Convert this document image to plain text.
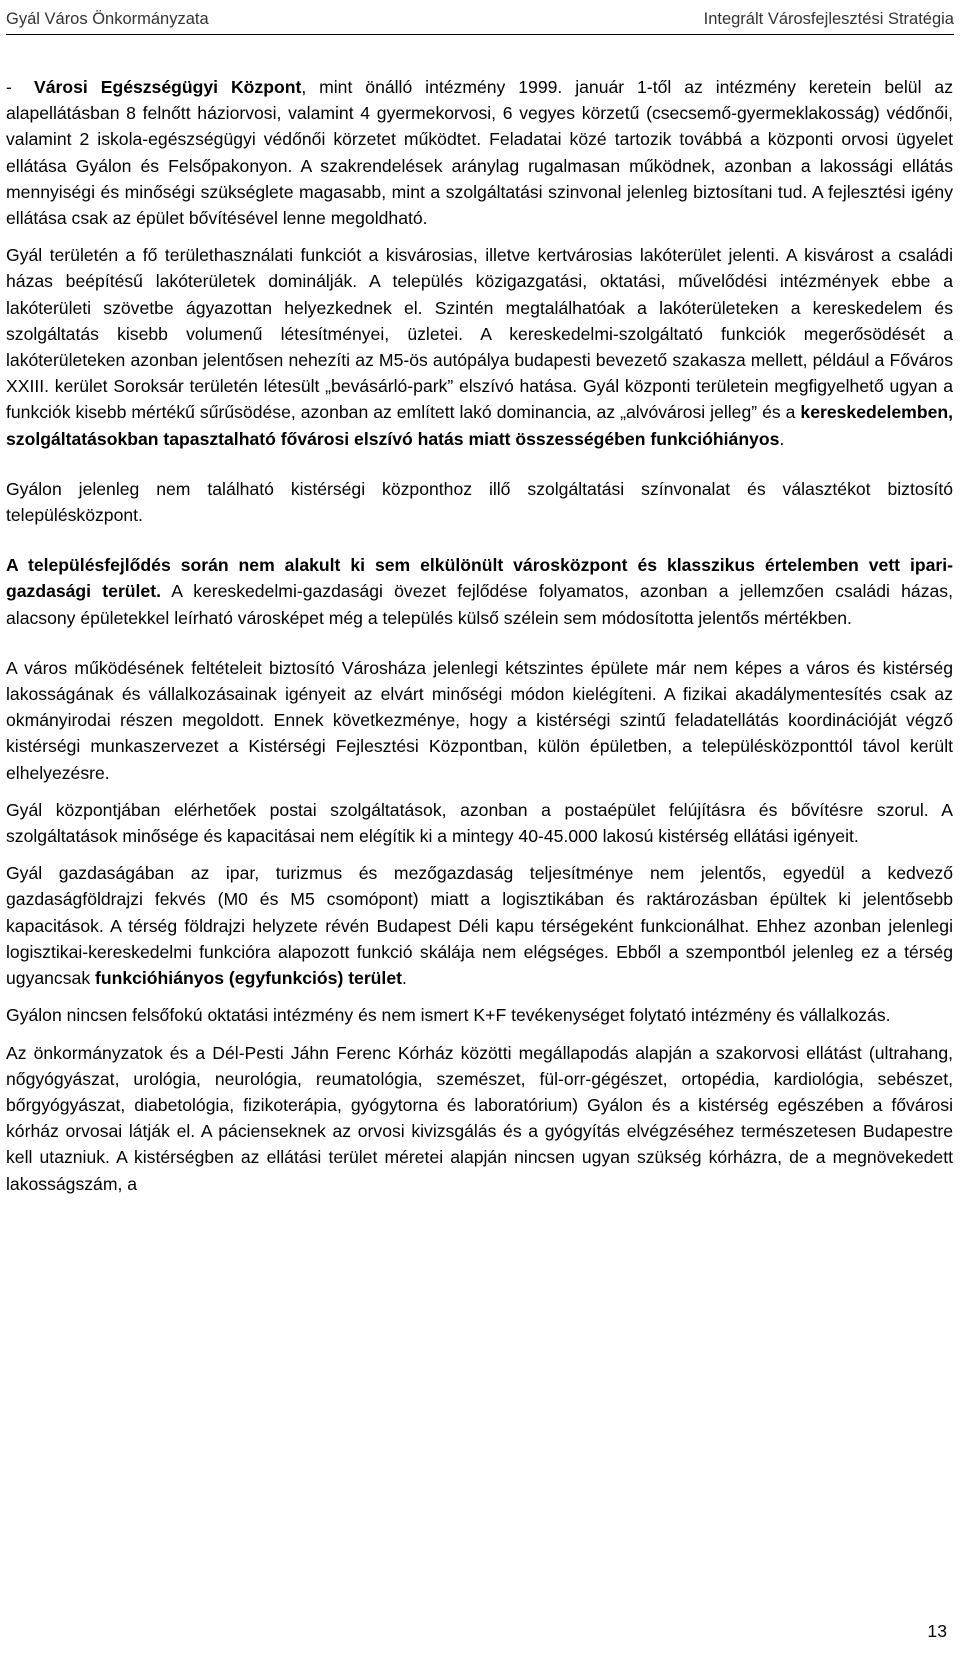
Gyál Város Önkormányzata	Integrált Városfejlesztési Stratégia

- Városi Egészségügyi Központ, mint önálló intézmény 1999. január 1-től az intézmény keretein belül az alapellátásban 8 felnőtt háziorvosi, valamint 4 gyermekorvosi, 6 vegyes körzetű (csecsemő-gyermeklakosság) védőnői, valamint 2 iskola-egészségügyi védőnői körzetet működtet. Feladatai közé tartozik továbbá a központi orvosi ügyelet ellátása Gyálon és Felsőpakonyon. A szakrendelések aránylag rugalmasan működnek, azonban a lakossági ellátás mennyiségi és minőségi szükséglete magasabb, mint a szolgáltatási szinvonal jelenleg biztosítani tud. A fejlesztési igény ellátása csak az épület bővítésével lenne megoldható.

Gyál területén a fő területhasználati funkciót a kisvárosias, illetve kertvárosias lakóterület jelenti. A kisvárost a családi házas beépítésű lakóterületek dominálják. A település közigazgatási, oktatási, művelődési intézmények ebbe a lakóterületi szövetbe ágyazottan helyezkednek el. Szintén megtalálhatóak a lakóterületeken a kereskedelem és szolgáltatás kisebb volumenű létesítményei, üzletei. A kereskedelmi-szolgáltató funkciók megerősödését a lakóterületeken azonban jelentősen nehezíti az M5-ös autópálya budapesti bevezető szakasza mellett, például a Főváros XXIII. kerület Soroksár területén létesült „bevásárló-park” elszívó hatása. Gyál központi területein megfigyelhető ugyan a funkciók kisebb mértékű sűrűsödése, azonban az említett lakó dominancia, az „alvóvárosi jelleg” és a kereskedelemben, szolgáltatásokban tapasztalható fővárosi elszívó hatás miatt összességében funkcióhiányos.

Gyálon jelenleg nem található kistérségi központhoz illő szolgáltatási színvonalat és választékot biztosító településközpont.

A településfejlődés során nem alakult ki sem elkülönült városközpont és klasszikus értelemben vett ipari-gazdasági terület. A kereskedelmi-gazdasági övezet fejlődése folyamatos, azonban a jellemzően családi házas, alacsony épületekkel leírható városképet még a település külső szélein sem módosította jelentős mértékben.

A város működésének feltételeit biztosító Városháza jelenlegi kétszintes épülete már nem képes a város és kistérség lakosságának és vállalkozásainak igényeit az elvárt minőségi módon kielégíteni. A fizikai akadálymentesítés csak az okmányirodai részen megoldott. Ennek következménye, hogy a kistérségi szintű feladatellátás koordinációját végző kistérségi munkaszervezet a Kistérségi Fejlesztési Központban, külön épületben, a településközponttól távol került elhelyezésre.

Gyál központjában elérhetőek postai szolgáltatások, azonban a postaépület felújításra és bővítésre szorul. A szolgáltatások minősége és kapacitásai nem elégítik ki a mintegy 40-45.000 lakosú kistérség ellátási igényeit.

Gyál gazdaságában az ipar, turizmus és mezőgazdaság teljesítménye nem jelentős, egyedül a kedvező gazdaságföldrajzi fekvés (M0 és M5 csomópont) miatt a logisztikában és raktározásban épültek ki jelentősebb kapacitások. A térség földrajzi helyzete révén Budapest Déli kapu térségeként funkcionálhat. Ehhez azonban jelenlegi logisztikai-kereskedelmi funkcióra alapozott funkció skálája nem elégséges. Ebből a szempontból jelenleg ez a térség ugyancsak funkcióhiányos (egyfunkciós) terület.

Gyálon nincsen felsőfokú oktatási intézmény és nem ismert K+F tevékenységet folytató intézmény és vállalkozás.

Az önkormányzatok és a Dél-Pesti Jáhn Ferenc Kórház közötti megállapodás alapján a szakorvosi ellátást (ultrahang, nőgyógyászat, urológia, neurológia, reumatológia, szemészet, fül-orr-gégészet, ortopédia, kardiológia, sebészet, bőrgyógyászat, diabetológia, fizikoterápia, gyógytorna és laboratórium) Gyálon és a kistérség egészében a fővárosi kórház orvosai látják el. A pácienseknek az orvosi kivizsgálás és a gyógyítás elvégzéséhez természetesen Budapestre kell utazniuk. A kistérségben az ellátási terület méretei alapján nincsen ugyan szükség kórházra, de a megnövekedett lakosságszám, a

13
